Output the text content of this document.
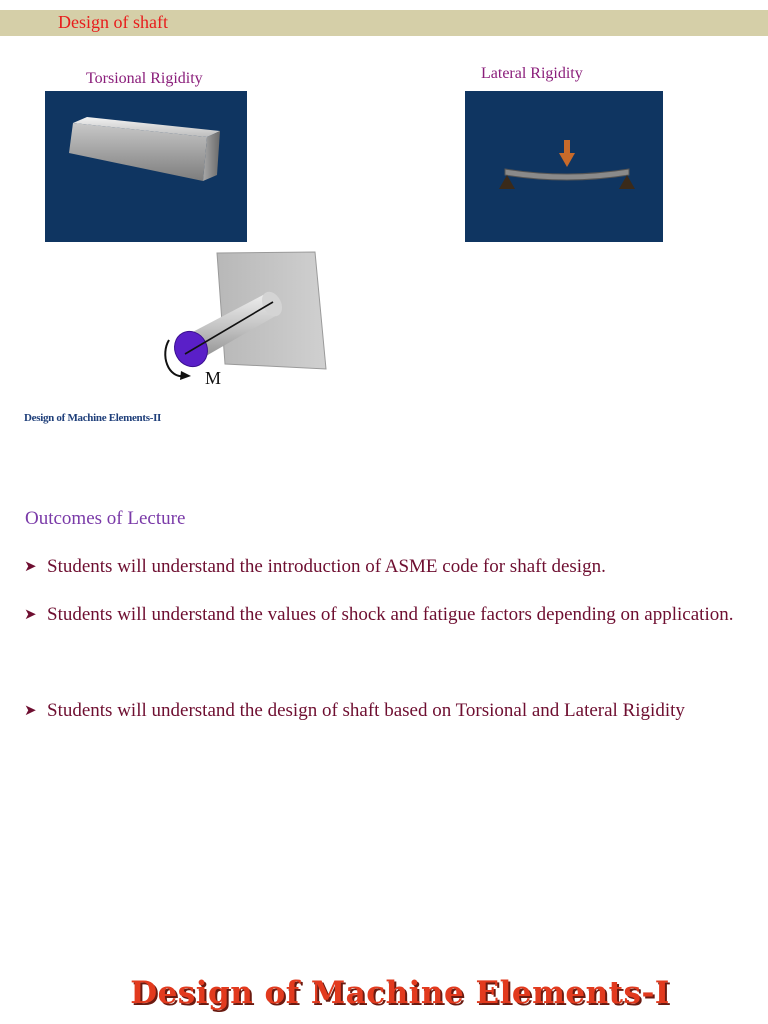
Design of shaft
Torsional Rigidity	Lateral Rigidity
M
Design of Machine Elements-II
Outcomes of Lecture
➤ Students will understand the introduction of ASME code for shaft design.
➤ Students will understand the values of shock and fatigue factors depending on application.
➤ Students will understand the design of shaft based on Torsional and Lateral Rigidity
Design of Machine Elements-I
